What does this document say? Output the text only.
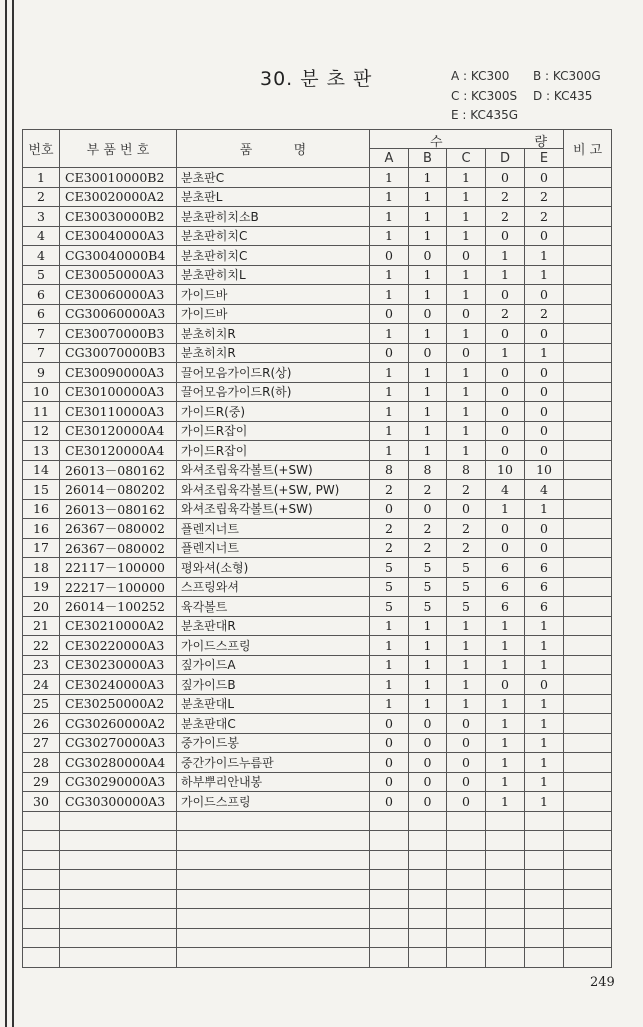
30. 분 초 판	A : KC300 B : KC300G
C : KC300S D : KC435
E : KC435G
번호	부 품 번 호	품          명	수 량					비 고
			A	B	C	D	E	
1	CE30010000B2	분초판C	1	1	1	0	0	
2	CE30020000A2	분초판L	1	1	1	2	2	
3	CE30030000B2	분초판히치소B	1	1	1	2	2	
4	CE30040000A3	분초판히치C	1	1	1	0	0	
4	CG30040000B4	분초판히치C	0	0	0	1	1	
5	CE30050000A3	분초판히치L	1	1	1	1	1	
6	CE30060000A3	가이드바	1	1	1	0	0	
6	CG30060000A3	가이드바	0	0	0	2	2	
7	CE30070000B3	분초히치R	1	1	1	0	0	
7	CG30070000B3	분초히치R	0	0	0	1	1	
9	CE30090000A3	끌어모음가이드R(상)	1	1	1	0	0	
10	CE30100000A3	끌어모음가이드R(하)	1	1	1	0	0	
11	CE30110000A3	가이드R(중)	1	1	1	0	0	
12	CE30120000A4	가이드R잡이	1	1	1	0	0	
13	CE30120000A4	가이드R잡이	1	1	1	0	0	
14	26013－080162	와셔조립육각볼트(+SW)	8	8	8	10	10	
15	26014－080202	와셔조립육각볼트(+SW, PW)	2	2	2	4	4	
16	26013－080162	와셔조립육각볼트(+SW)	0	0	0	1	1	
16	26367－080002	플렌지너트	2	2	2	0	0	
17	26367－080002	플렌지너트	2	2	2	0	0	
18	22117－100000	평와셔(소형)	5	5	5	6	6	
19	22217－100000	스프링와셔	5	5	5	6	6	
20	26014－100252	육각볼트	5	5	5	6	6	
21	CE30210000A2	분초판대R	1	1	1	1	1	
22	CE30220000A3	가이드스프링	1	1	1	1	1	
23	CE30230000A3	짚가이드A	1	1	1	1	1	
24	CE30240000A3	짚가이드B	1	1	1	0	0	
25	CE30250000A2	분초판대L	1	1	1	1	1	
26	CG30260000A2	분초판대C	0	0	0	1	1	
27	CG30270000A3	중가이드봉	0	0	0	1	1	
28	CG30280000A4	중간가이드누름판	0	0	0	1	1	
29	CG30290000A3	하부뿌리안내봉	0	0	0	1	1	
30	CG30300000A3	가이드스프링	0	0	0	1	1	

249
